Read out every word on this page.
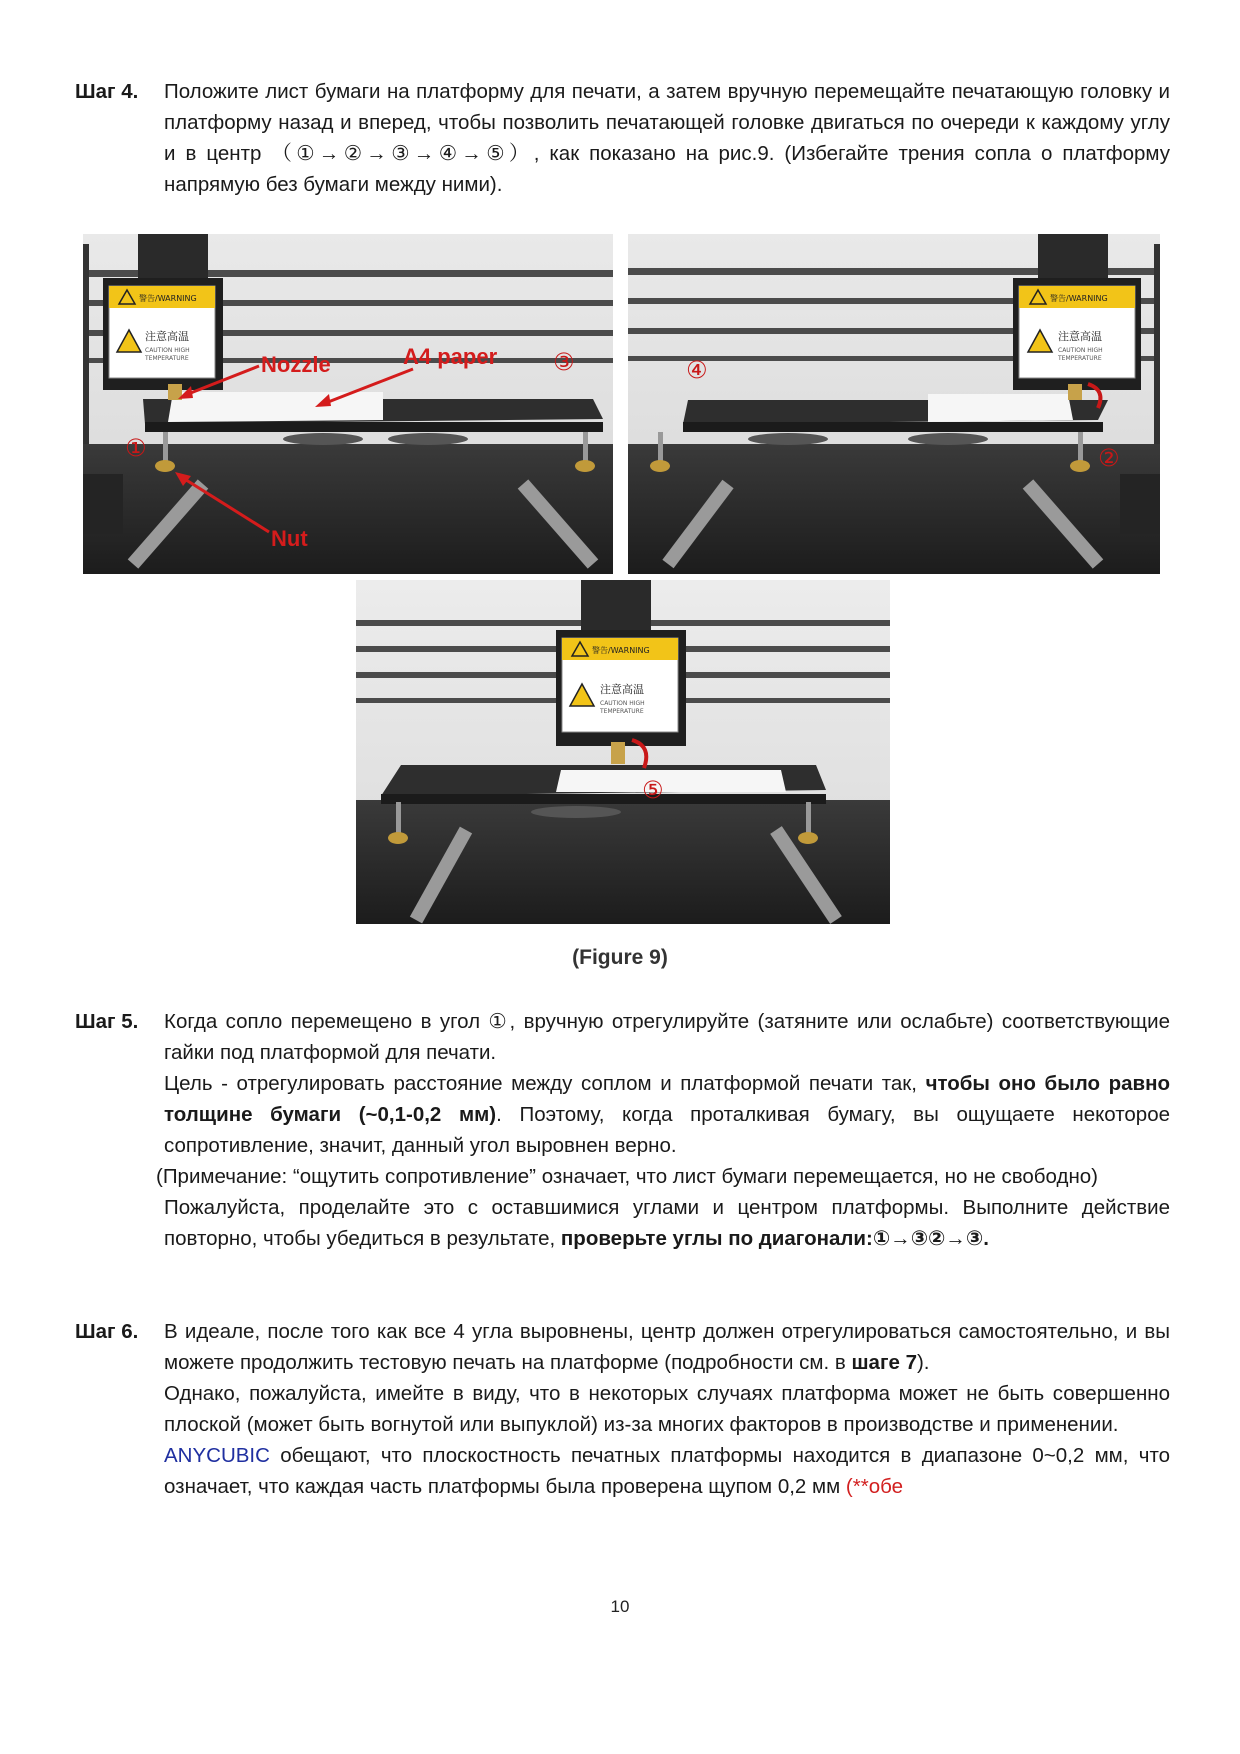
Шаг 4.	Положите лист бумаги на платформу для печати, а затем вручную перемещайте печатающую головку и платформу назад и вперед, чтобы позволить печатающей головке двигаться по очереди к каждому углу и в центр （①→②→③→④→⑤）, как показано на рис.9. (Избегайте трения сопла о платформу напрямую без бумаги между ними).

警告/WARNING
注意高温
CAUTION HIGH
TEMPERATURE	Nozzle	A4 paper
Nut
①
③
警告/WARNING
注意高温
CAUTION HIGH
TEMPERATURE
④
②
警告/WARNING
注意高温
CAUTION HIGH
TEMPERATURE
⑤
(Figure 9)
Шаг 5.	Когда сопло перемещено в угол ①, вручную отрегулируйте (затяните или ослабьте) соответствующие гайки под платформой для печати.

Цель - отрегулировать расстояние между соплом и платформой печати так, чтобы оно было равно толщине бумаги (~0,1-0,2 мм). Поэтому, когда проталкивая бумагу, вы ощущаете некоторое сопротивление, значит, данный угол выровнен верно.

(Примечание: “ощутить сопротивление” означает, что лист бумаги перемещается, но не свободно)

Пожалуйста, проделайте это с оставшимися углами и центром платформы. Выполните действие повторно, чтобы убедиться в результате, проверьте углы по диагонали:①→③②→③.

Шаг 6.	В идеале, после того как все 4 угла выровнены, центр должен отрегулироваться самостоятельно, и вы можете продолжить тестовую печать на платформе (подробности см. в шаге 7).

Однако, пожалуйста, имейте в виду, что в некоторых случаях платформа может не быть совершенно плоской (может быть вогнутой или выпуклой) из-за многих факторов в производстве и применении.

ANYCUBIC обещают, что плоскостность печатных платформы находится в диапазоне 0~0,2 мм, что означает, что каждая часть платформы была проверена щупом 0,2 мм (**обе

10
